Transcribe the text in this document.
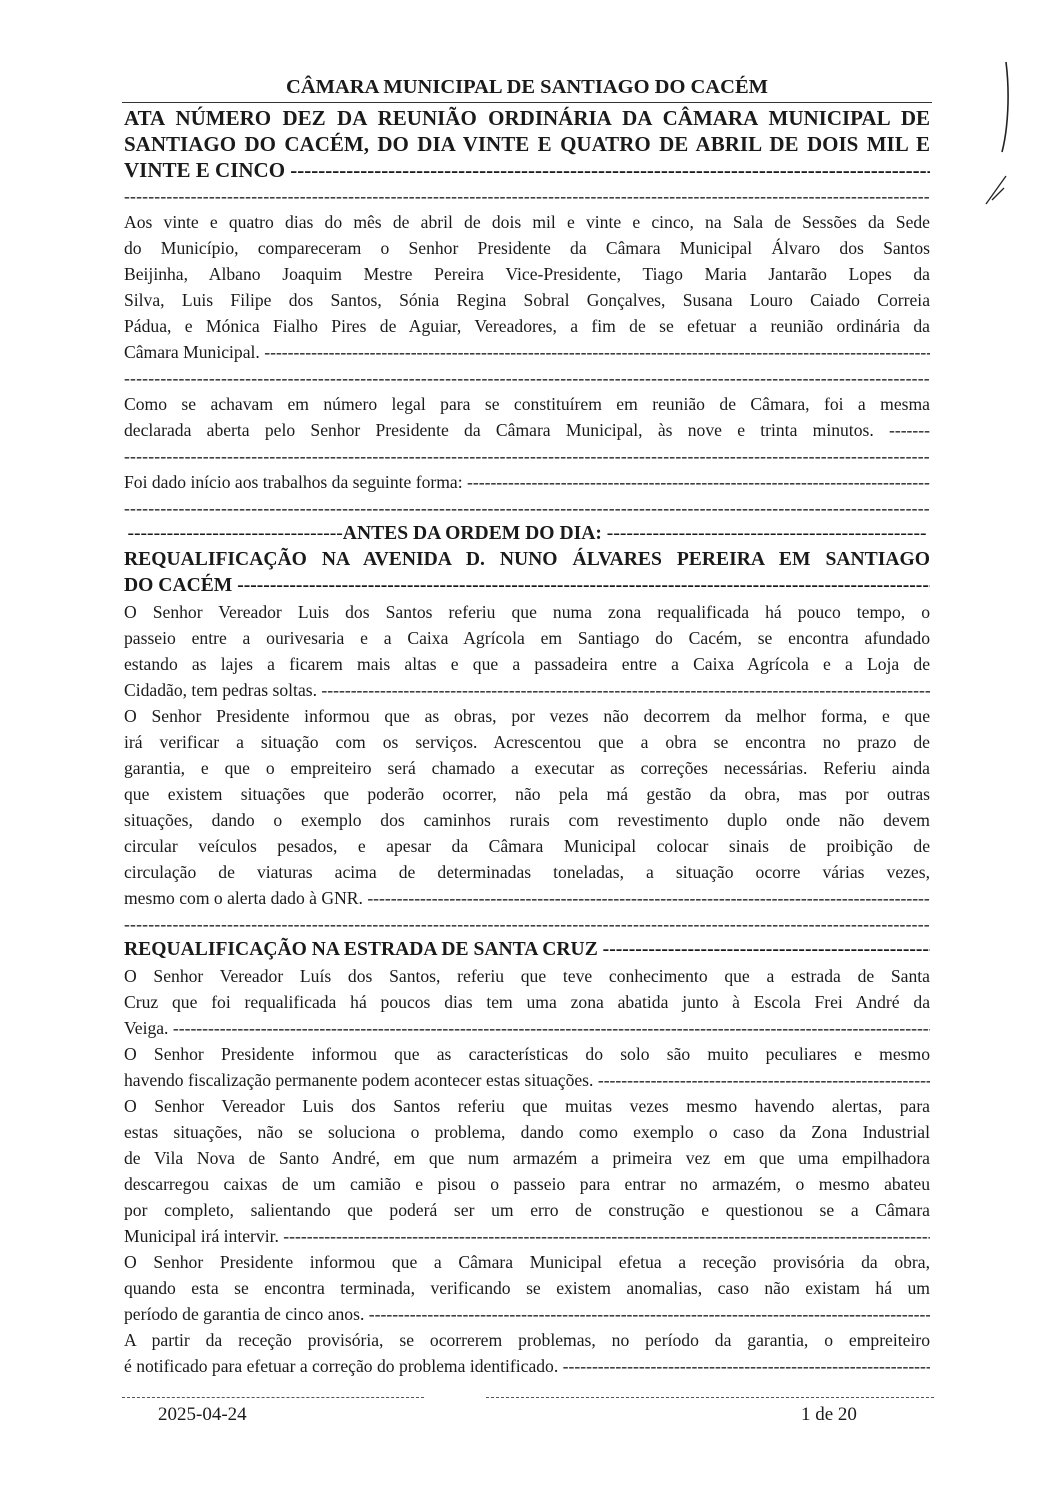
CÂMARA MUNICIPAL DE SANTIAGO DO CACÉM
ATA NÚMERO DEZ DA REUNIÃO ORDINÁRIA DA CÂMARA MUNICIPAL DE
SANTIAGO DO CACÉM, DO DIA VINTE E QUATRO DE ABRIL DE DOIS MIL E
VINTE E CINCO -----
-----
Aos vinte e quatro dias do mês de abril de dois mil e vinte e cinco, na Sala de Sessões da Sede
do Município, compareceram o Senhor Presidente da Câmara Municipal Álvaro dos Santos
Beijinha, Albano Joaquim Mestre Pereira Vice-Presidente, Tiago Maria Jantarão Lopes da
Silva, Luis Filipe dos Santos, Sónia Regina Sobral Gonçalves, Susana Louro Caiado Correia
Pádua, e Mónica Fialho Pires de Aguiar, Vereadores, a fim de se efetuar a reunião ordinária da
Câmara Municipal. -----
-----
Como se achavam em número legal para se constituírem em reunião de Câmara, foi a mesma
declarada aberta pelo Senhor Presidente da Câmara Municipal, às nove e trinta minutos. -------
-----
Foi dado início aos trabalhos da seguinte forma: -----
-----
---------------------------------ANTES DA ORDEM DO DIA: -------------------------------------------------
REQUALIFICAÇÃO NA AVENIDA D. NUNO ÁLVARES PEREIRA EM SANTIAGO
DO CACÉM -----
O Senhor Vereador Luis dos Santos referiu que numa zona requalificada há pouco tempo, o
passeio entre a ourivesaria e a Caixa Agrícola em Santiago do Cacém, se encontra afundado
estando as lajes a ficarem mais altas e que a passadeira entre a Caixa Agrícola e a Loja de
Cidadão, tem pedras soltas. -----
O Senhor Presidente informou que as obras, por vezes não decorrem da melhor forma, e que
irá verificar a situação com os serviços. Acrescentou que a obra se encontra no prazo de
garantia, e que o empreiteiro será chamado a executar as correções necessárias. Referiu ainda
que existem situações que poderão ocorrer, não pela má gestão da obra, mas por outras
situações, dando o exemplo dos caminhos rurais com revestimento duplo onde não devem
circular veículos pesados, e apesar da Câmara Municipal colocar sinais de proibição de
circulação de viaturas acima de determinadas toneladas, a situação ocorre várias vezes,
mesmo com o alerta dado à GNR. -----
-----
REQUALIFICAÇÃO NA ESTRADA DE SANTA CRUZ -----
O Senhor Vereador Luís dos Santos, referiu que teve conhecimento que a estrada de Santa
Cruz que foi requalificada há poucos dias tem uma zona abatida junto à Escola Frei André da
Veiga. -----
O Senhor Presidente informou que as características do solo são muito peculiares e mesmo
havendo fiscalização permanente podem acontecer estas situações. -----
O Senhor Vereador Luis dos Santos referiu que muitas vezes mesmo havendo alertas, para
estas situações, não se soluciona o problema, dando como exemplo o caso da Zona Industrial
de Vila Nova de Santo André, em que num armazém a primeira vez em que uma empilhadora
descarregou caixas de um camião e pisou o passeio para entrar no armazém, o mesmo abateu
por completo, salientando que poderá ser um erro de construção e questionou se a Câmara
Municipal irá intervir. -----
O Senhor Presidente informou que a Câmara Municipal efetua a receção provisória da obra,
quando esta se encontra terminada, verificando se existem anomalias, caso não existam há um
período de garantia de cinco anos. -----
A partir da receção provisória, se ocorrerem problemas, no período da garantia, o empreiteiro
é notificado para efetuar a correção do problema identificado. -----
2025-04-24	1 de 20
